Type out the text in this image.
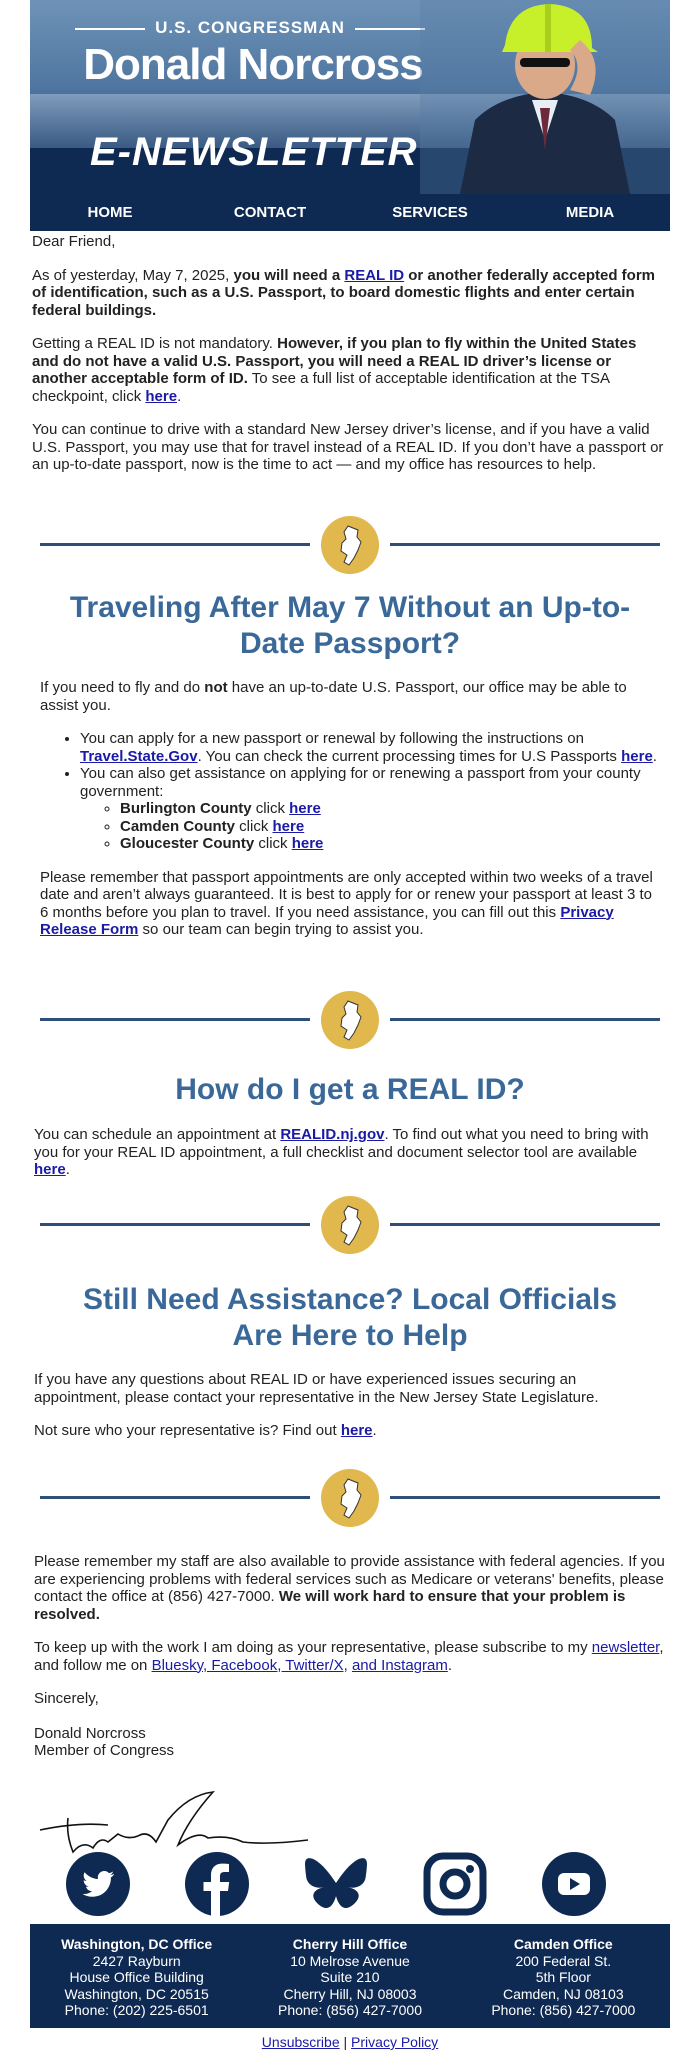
U.S. CONGRESSMAN
Donald Norcross
E-NEWSLETTER
HOME	CONTACT	SERVICES	MEDIA

Dear Friend,

As of yesterday, May 7, 2025, you will need a REAL ID or another federally accepted form of identification, such as a U.S. Passport, to board domestic flights and enter certain federal buildings.

Getting a REAL ID is not mandatory. However, if you plan to fly within the United States and do not have a valid U.S. Passport, you will need a REAL ID driver’s license or another acceptable form of ID. To see a full list of acceptable identification at the TSA checkpoint, click here.

You can continue to drive with a standard New Jersey driver’s license, and if you have a valid U.S. Passport, you may use that for travel instead of a REAL ID. If you don’t have a passport or an up-to-date passport, now is the time to act — and my office has resources to help.

Traveling After May 7 Without an Up-to-Date Passport?

If you need to fly and do not have an up-to-date U.S. Passport, our office may be able to assist you.

• You can apply for a new passport or renewal by following the instructions on Travel.State.Gov. You can check the current processing times for U.S Passports here.
• You can also get assistance on applying for or renewing a passport from your county government:
◦ Burlington County click here
◦ Camden County click here
◦ Gloucester County click here

Please remember that passport appointments are only accepted within two weeks of a travel date and aren’t always guaranteed. It is best to apply for or renew your passport at least 3 to 6 months before you plan to travel. If you need assistance, you can fill out this Privacy Release Form so our team can begin trying to assist you.

How do I get a REAL ID?

You can schedule an appointment at REALID.nj.gov. To find out what you need to bring with you for your REAL ID appointment, a full checklist and document selector tool are available here.

Still Need Assistance? Local Officials Are Here to Help

If you have any questions about REAL ID or have experienced issues securing an appointment, please contact your representative in the New Jersey State Legislature.

Not sure who your representative is? Find out here.

Please remember my staff are also available to provide assistance with federal agencies. If you are experiencing problems with federal services such as Medicare or veterans' benefits, please contact the office at (856) 427-7000. We will work hard to ensure that your problem is resolved.

To keep up with the work I am doing as your representative, please subscribe to my newsletter, and follow me on Bluesky, Facebook, Twitter/X, and Instagram.

Sincerely,

Donald Norcross

Member of Congress

Washington, DC Office
2427 Rayburn
House Office Building
Washington, DC 20515
Phone: (202) 225-6501
Cherry Hill Office
10 Melrose Avenue
Suite 210
Cherry Hill, NJ 08003
Phone: (856) 427-7000
Camden Office
200 Federal St.
5th Floor
Camden, NJ 08103
Phone: (856) 427-7000
Unsubscribe | Privacy Policy
